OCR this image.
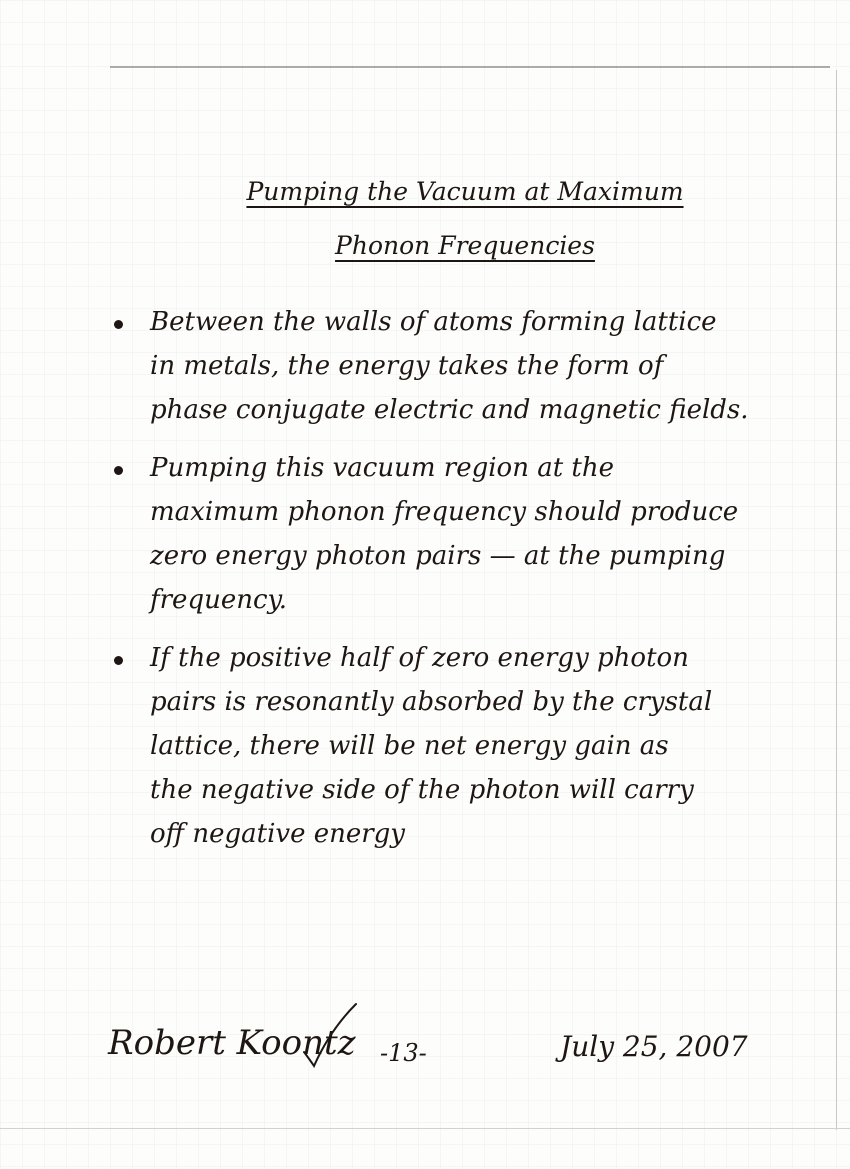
Pumping the Vacuum at Maximum
Phonon Frequencies
Between the walls of atoms forming lattice
in metals, the energy takes the form of
phase conjugate electric and magnetic fields.
Pumping this vacuum region at the
maximum phonon frequency should produce
zero energy photon pairs — at the pumping
frequency.
If the positive half of zero energy photon
pairs is resonantly absorbed by the crystal
lattice, there will be net energy gain as
the negative side of the photon will carry
off negative energy
Robert Koontz -13-	July 25, 2007
